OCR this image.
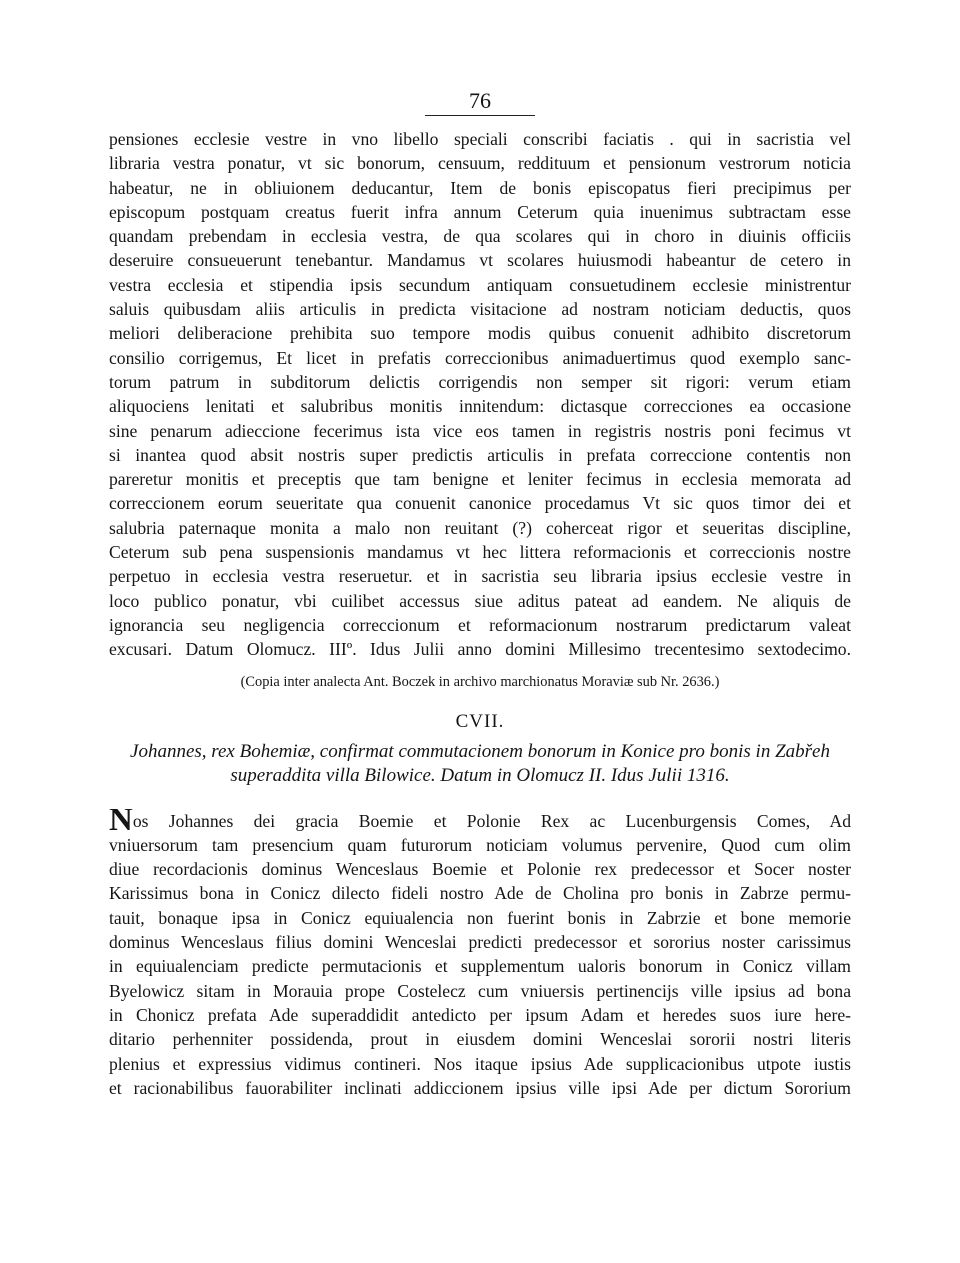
76
pensiones ecclesie vestre in vno libello speciali conscribi faciatis . qui in sacristia vel
libraria vestra ponatur, vt sic bonorum, censuum, reddituum et pensionum vestrorum noticia
habeatur, ne in obliuionem deducantur, Item de bonis episcopatus fieri precipimus per
episcopum postquam creatus fuerit infra annum Ceterum quia inuenimus subtractam esse
quandam prebendam in ecclesia vestra, de qua scolares qui in choro in diuinis officiis
deseruire consueuerunt tenebantur. Mandamus vt scolares huiusmodi habeantur de cetero in
vestra ecclesia et stipendia ipsis secundum antiquam consuetudinem ecclesie ministrentur
saluis quibusdam aliis articulis in predicta visitacione ad nostram noticiam deductis, quos
meliori deliberacione prehibita suo tempore modis quibus conuenit adhibito discretorum
consilio corrigemus, Et licet in prefatis correccionibus animaduertimus quod exemplo sanc-
torum patrum in subditorum delictis corrigendis non semper sit rigori: verum etiam
aliquociens lenitati et salubribus monitis innitendum: dictasque correcciones ea occasione
sine penarum adieccione fecerimus ista vice eos tamen in registris nostris poni fecimus vt
si inantea quod absit nostris super predictis articulis in prefata correccione contentis non
pareretur monitis et preceptis que tam benigne et leniter fecimus in ecclesia memorata ad
correccionem eorum seueritate qua conuenit canonice procedamus Vt sic quos timor dei et
salubria paternaque monita a malo non reuitant (?) coherceat rigor et seueritas discipline,
Ceterum sub pena suspensionis mandamus vt hec littera reformacionis et correccionis nostre
perpetuo in ecclesia vestra reseruetur. et in sacristia seu libraria ipsius ecclesie vestre in
loco publico ponatur, vbi cuilibet accessus siue aditus pateat ad eandem. Ne aliquis de
ignorancia seu negligencia correccionum et reformacionum nostrarum predictarum valeat
excusari. Datum Olomucz. IIIº. Idus Julii anno domini Millesimo trecentesimo sextodecimo.
(Copia inter analecta Ant. Boczek in archivo marchionatus Moraviæ sub Nr. 2636.)
CVII.
Johannes, rex Bohemiæ, confirmat commutacionem bonorum in Konice pro bonis in Zabřeh
superaddita villa Bilowice. Datum in Olomucz II. Idus Julii 1316.
Nos Johannes dei gracia Boemie et Polonie Rex ac Lucenburgensis Comes, Ad
vniuersorum tam presencium quam futurorum noticiam volumus pervenire, Quod cum olim
diue recordacionis dominus Wenceslaus Boemie et Polonie rex predecessor et Socer noster
Karissimus bona in Conicz dilecto fideli nostro Ade de Cholina pro bonis in Zabrze permu-
tauit, bonaque ipsa in Conicz equiualencia non fuerint bonis in Zabrzie et bone memorie
dominus Wenceslaus filius domini Wenceslai predicti predecessor et sororius noster carissimus
in equiualenciam predicte permutacionis et supplementum ualoris bonorum in Conicz villam
Byelowicz sitam in Morauia prope Costelecz cum vniuersis pertinencijs ville ipsius ad bona
in Chonicz prefata Ade superaddidit antedicto per ipsum Adam et heredes suos iure here-
ditario perhenniter possidenda, prout in eiusdem domini Wenceslai sororii nostri literis
plenius et expressius vidimus contineri. Nos itaque ipsius Ade supplicacionibus utpote iustis
et racionabilibus fauorabiliter inclinati addiccionem ipsius ville ipsi Ade per dictum Sororium
